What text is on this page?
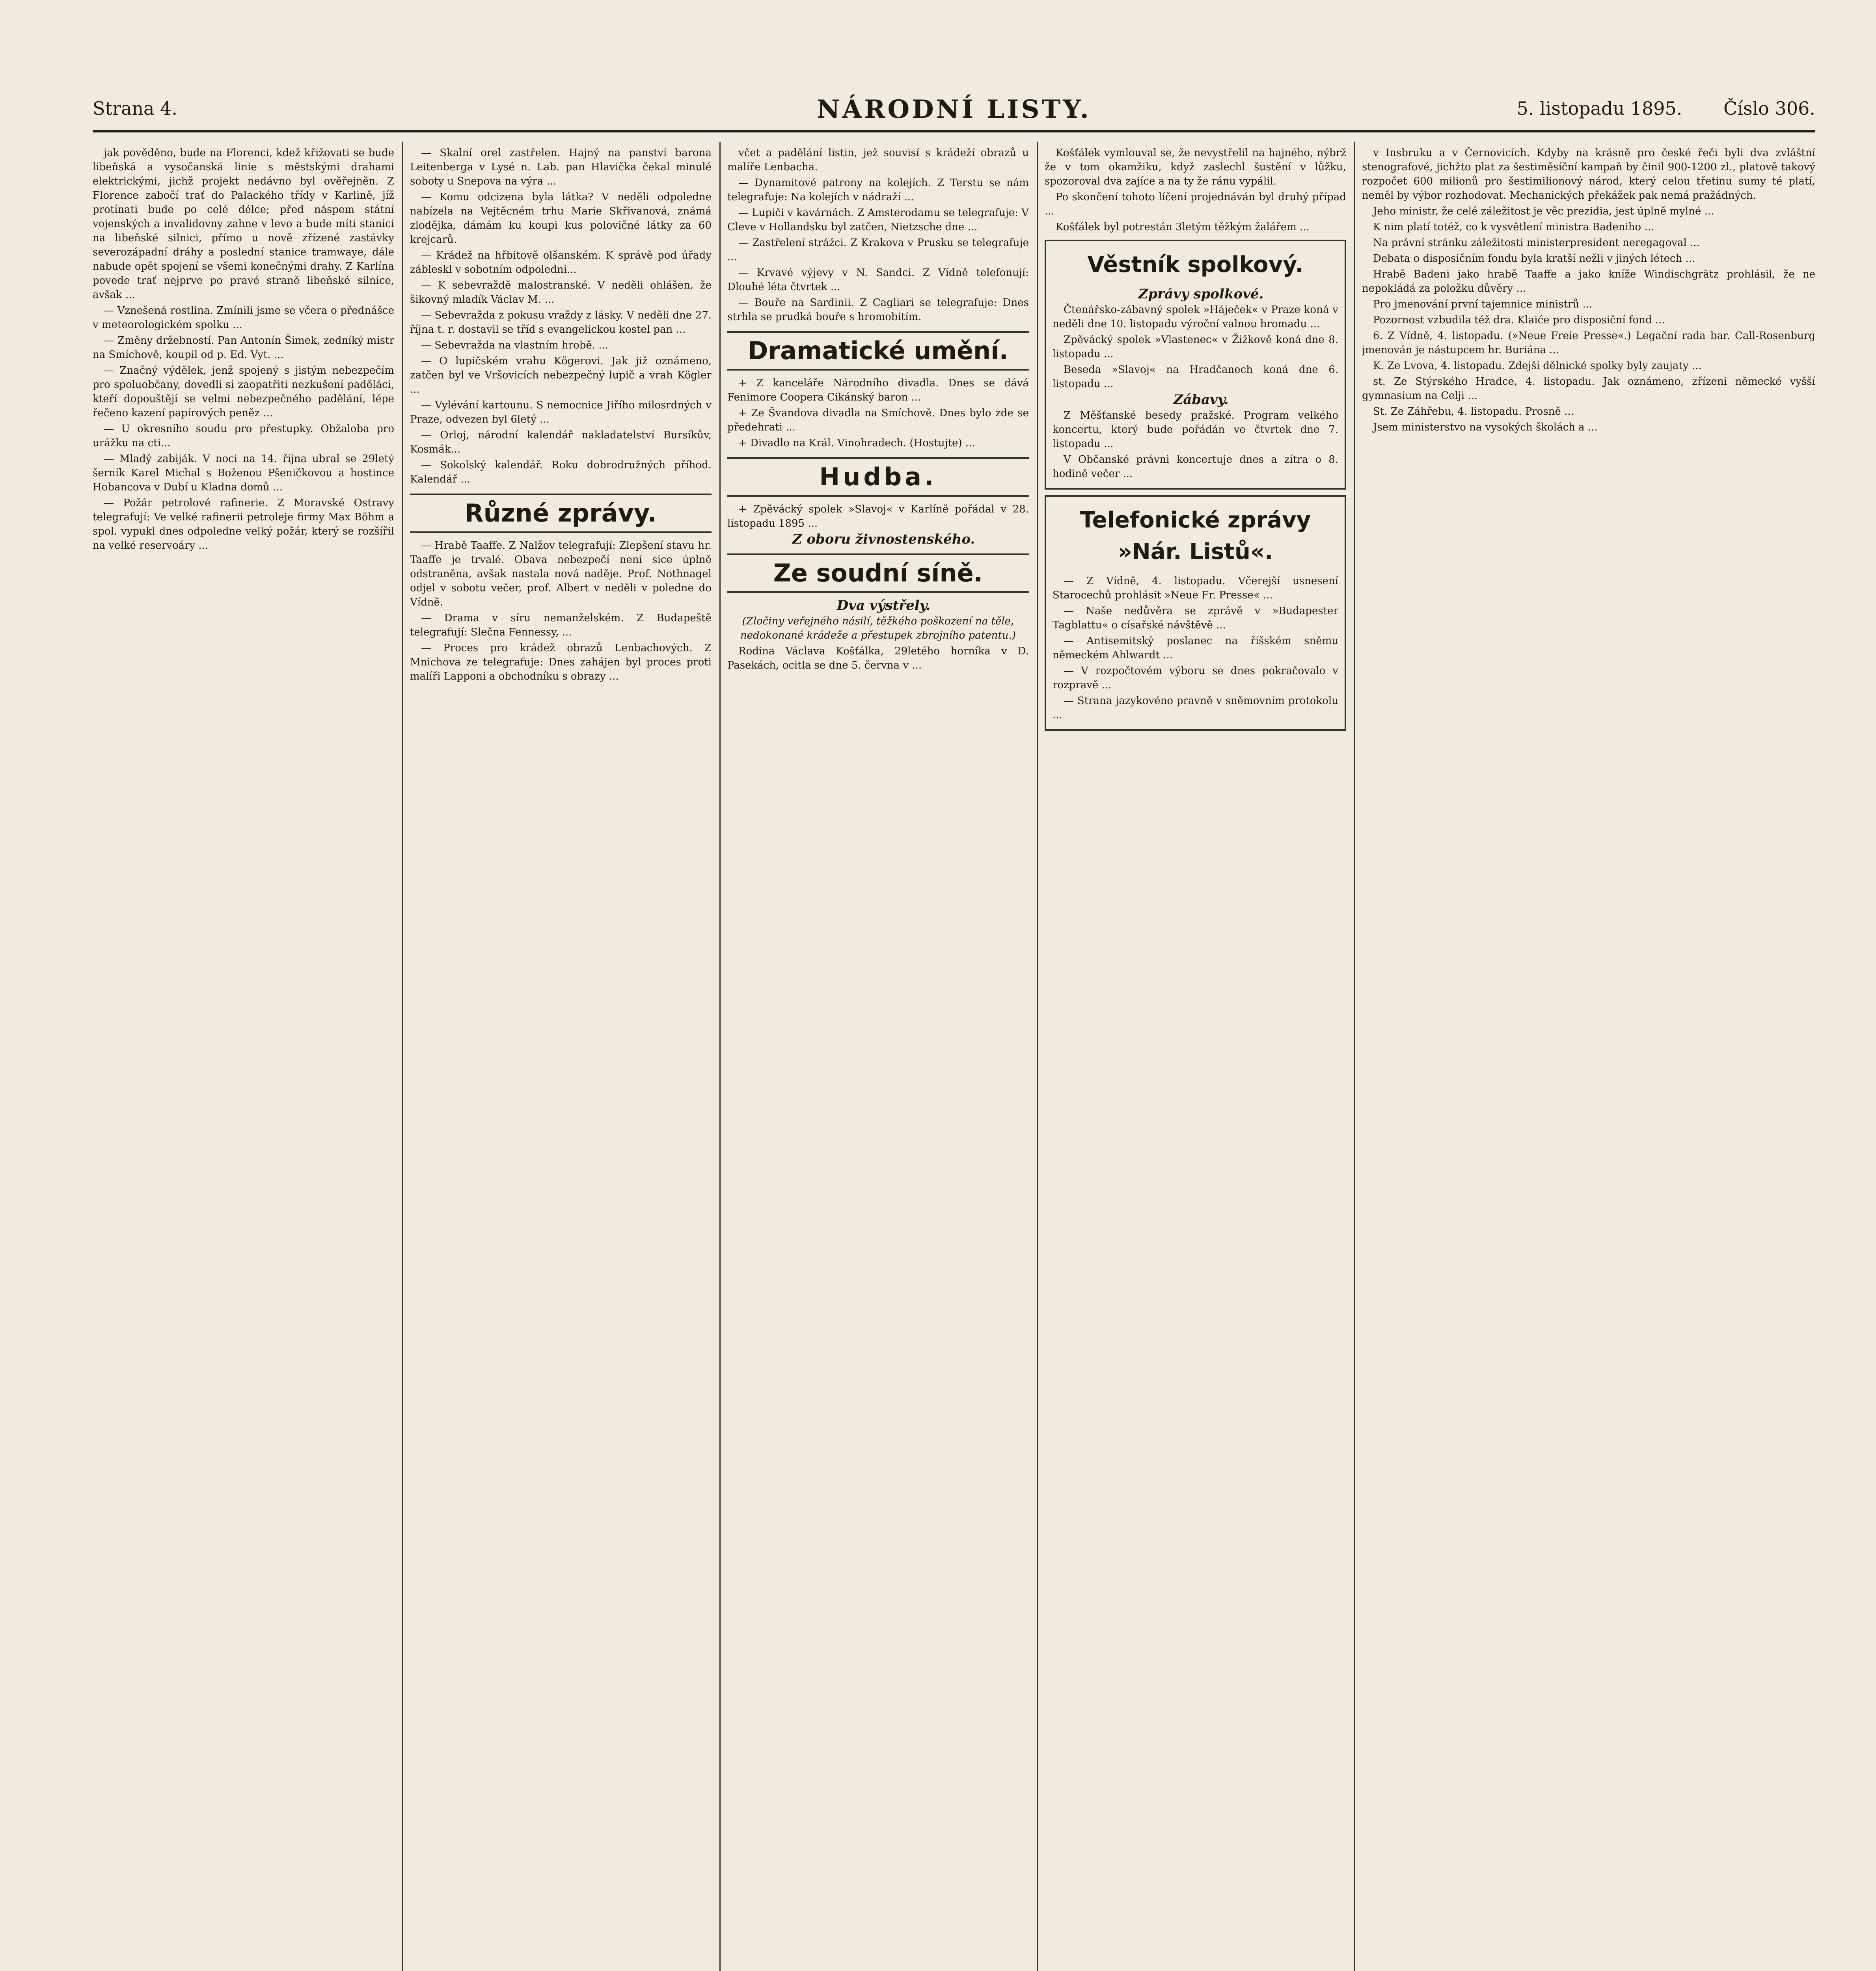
Strana 4.	NÁRODNÍ LISTY.	5. listopadu 1895. Číslo 306.

jak pověděno, bude na Florenci, kdež křižovati se bude libeňská a vysočanská linie s městskými drahami elektrickými, jichž projekt nedávno byl ověřejněn. Z Florence zabočí trať do Palackého třídy v Karlině, jíž protínati bude po celé délce; před náspem státní vojenských a invalidovny zahne v levo a bude míti stanici na libeňské silnici, přímo u nově zřízené zastávky severozápadní dráhy a poslední stanice tramwaye, dále nabude opět spojení se všemi konečnými drahy. Z Karlína povede trať nejprve po pravé straně libeňské silnice, avšak ...

— Vznešená rostlina. Zmínili jsme se včera o přednášce v meteorologickém spolku ...

— Změny držebností. Pan Antonín Šimek, zedníký mistr na Smíchově, koupil od p. Ed. Vyt. ...

— Značný výdělek, jenž spojený s jistým nebezpečím pro spoluobčany, dovedli si zaopatřiti nezkušení paděláci, kteří dopouštějí se velmi nebezpečného padělání, lépe řečeno kazení papírových peněz ...

— U okresního soudu pro přestupky. Obžaloba pro urážku na cti...

— Mladý zabiják. V noci na 14. října ubral se 29letý šerník Karel Michal s Boženou Pšeničkovou a hostince Hobancova v Dubí u Kladna domů ...

— Požár petrolové rafinerie. Z Moravské Ostravy telegrafují: Ve velké rafinerii petroleje firmy Max Böhm a spol. vypukl dnes odpoledne velký požár, který se rozšířil na velké reservoáry ...

— Skalní orel zastřelen. Hajný na panství barona Leitenberga v Lysé n. Lab. pan Hlavička čekal minulé soboty u Snepova na výra ...

— Komu odcizena byla látka? V neděli odpoledne nabízela na Vejtěcném trhu Marie Skřivanová, známá zlodějka, dámám ku koupi kus polovičné látky za 60 krejcarů.

— Krádež na hřbitově olšanském. K správě pod úřady zábleskl v sobotním odpoledni...

— K sebevraždě malostranské. V neděli ohlášen, že šikovný mladík Václav M. ...

— Sebevražda z pokusu vraždy z lásky. V neděli dne 27. října t. r. dostavil se tříd s evangelickou kostel pan ...

— Sebevražda na vlastním hrobě. ...

— O lupičském vrahu Kögerovi. Jak již oznámeno, zatčen byl ve Vršovicích nebezpečný lupič a vrah Kögler ...

— Vylévání kartounu. S nemocnice Jiřího milosrdných v Praze, odvezen byl 6letý ...

— Orloj, národní kalendář nakladatelství Bursíkův, Kosmák...

— Sokolský kalendář. Roku dobrodružných příhod. Kalendář ...

Různé zprávy.

— Hrabě Taaffe. Z Nalžov telegrafují: Zlepšení stavu hr. Taaffe je trvalé. Obava nebezpečí není sice úplně odstraněna, avšak nastala nová naděje. Prof. Nothnagel odjel v sobotu večer, prof. Albert v neděli v poledne do Vídně.

— Drama v síru nemanželském. Z Budapeště telegrafují: Slečna Fennessy, ...

— Proces pro krádež obrazů Lenbachových. Z Mnichova ze telegrafuje: Dnes zahájen byl proces proti malíři Lapponi a obchodníku s obrazy ...

včet a padělání listin, jež souvisí s krádeží obrazů u malíře Lenbacha.

— Dynamitové patrony na kolejích. Z Terstu se nám telegrafuje: Na kolejích v nádraží ...

— Lupiči v kavárnách. Z Amsterodamu se telegrafuje: V Cleve v Hollandsku byl zatčen, Nietzsche dne ...

— Zastřelení strážci. Z Krakova v Prusku se telegrafuje ...

— Krvavé výjevy v N. Sandci. Z Vídně telefonují: Dlouhé léta čtvrtek ...

— Bouře na Sardinii. Z Cagliari se telegrafuje: Dnes strhla se prudká bouře s hromobitím.

Dramatické umění.

+ Z kanceláře Národního divadla. Dnes se dává Fenimore Coopera Cikánský baron ...

+ Ze Švandova divadla na Smíchově. Dnes bylo zde se předehrati ...

+ Divadlo na Král. Vinohradech. (Hostujte) ...

Hudba.

+ Zpěvácký spolek »Slavoj« v Karlíně pořádal v 28. listopadu 1895 ...

Z oboru živnostenského.

Ze soudní síně.

Dva výstřely.

(Zločiny veřejného násilí, těžkého poškození na těle, nedokonané krádeže a přestupek zbrojního patentu.)

Rodina Václava Košťálka, 29letého horníka v D. Pasekách, ocitla se dne 5. června v ...

Košťálek vymlouval se, že nevystřelil na hajného, nýbrž že v tom okamžiku, když zaslechl šustění v lůžku, spozoroval dva zajíce a na ty že ránu vypálil.

Po skončení tohoto líčení projednáván byl druhý případ ...

Košťálek byl potrestán 3letým těžkým žalářem ...

Věstník spolkový.

Zprávy spolkové.

Čtenářsko-zábavný spolek »Háječek« v Praze koná v neděli dne 10. listopadu výroční valnou hromadu ...

Zpěvácký spolek »Vlastenec« v Žižkově koná dne 8. listopadu ...

Beseda »Slavoj« na Hradčanech koná dne 6. listopadu ...

Zábavy.

Z Měšťanské besedy pražské. Program velkého koncertu, který bude pořádán ve čtvrtek dne 7. listopadu ...

V Občanské právni koncertuje dnes a zítra o 8. hodině večer ...

Telefonické zprávy »Nár. Listů«.

— Z Vídně, 4. listopadu. Včerejší usnesení Starocechů prohlásit »Neue Fr. Presse« ...

— Naše nedůvěra se zprávě v »Budapester Tagblattu« o císařské návštěvě ...

— Antisemitský poslanec na říšském sněmu německém Ahlwardt ...

— V rozpočtovém výboru se dnes pokračovalo v rozpravě ...

— Strana jazykovéno pravně v sněmovním protokolu ...

v Insbruku a v Černovicích. Kdyby na krásně pro české řeči byli dva zvláštní stenografové, jichžto plat za šestiměsíční kampaň by činil 900-1200 zl., platově takový rozpočet 600 milionů pro šestimilionový národ, který celou třetinu sumy té platí, neměl by výbor rozhodovat. Mechanických překážek pak nemá pražádných.

Jeho ministr, že celé záležitost je věc prezidia, jest úplně mylné ...

K nim platí totéž, co k vysvětlení ministra Badeniho ...

Na právní stránku záležitosti ministerpresident neregagoval ...

Debata o disposičním fondu byla kratší nežli v jiných létech ...

Hrabě Badeni jako hrabě Taaffe a jako kníže Windischgrätz prohlásil, že ne nepokládá za položku důvěry ...

Pro jmenování první tajemnice ministrů ...

Pozornost vzbudila též dra. Klaiće pro disposiční fond ...

6. Z Vídně, 4. listopadu. (»Neue Freie Presse«.) Legační rada bar. Call-Rosenburg jmenován je nástupcem hr. Buriána ...

K. Ze Lvova, 4. listopadu. Zdejší dělnické spolky byly zaujaty ...

st. Ze Stýrského Hradce, 4. listopadu. Jak oznámeno, zřízeni německé vyšší gymnasium na Celji ...

St. Ze Záhřebu, 4. listopadu. Prosně ...

Jsem ministerstvo na vysokých školách a ...
